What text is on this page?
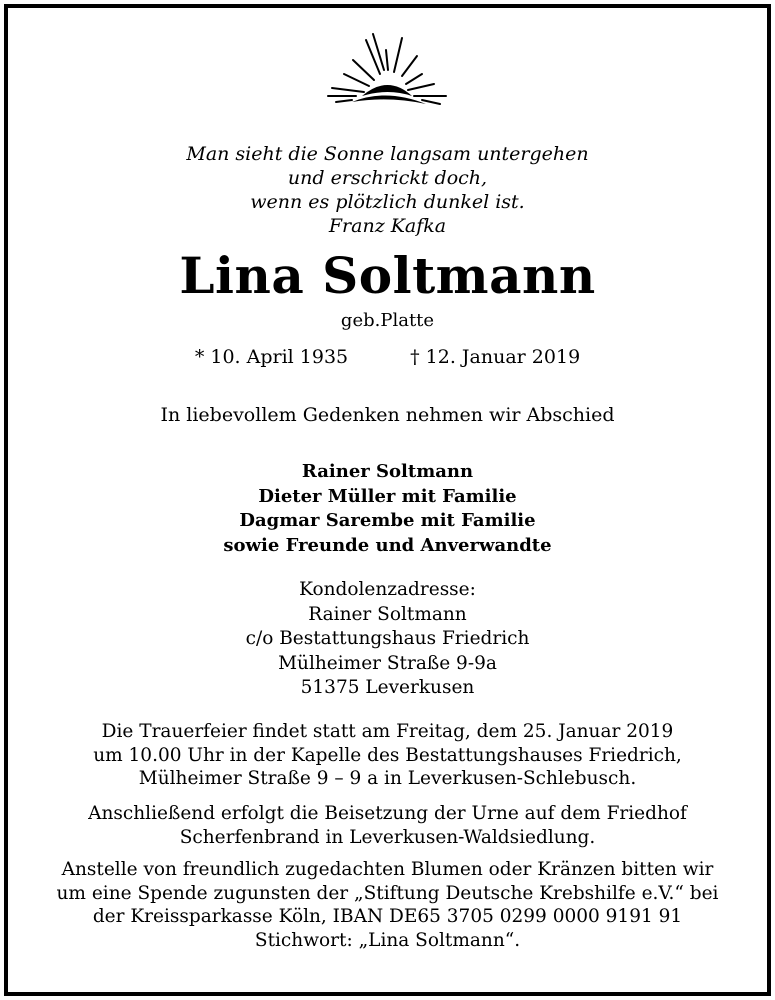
Man sieht die Sonne langsam untergehen
und erschrickt doch,
wenn es plötzlich dunkel ist.
Franz Kafka
Lina Soltmann
geb.Platte
* 10. April 1935	† 12. Januar 2019
In liebevollem Gedenken nehmen wir Abschied
Rainer Soltmann
Dieter Müller mit Familie
Dagmar Sarembe mit Familie
sowie Freunde und Anverwandte
Kondolenzadresse:
Rainer Soltmann
c/o Bestattungshaus Friedrich
Mülheimer Straße 9-9a
51375 Leverkusen
Die Trauerfeier findet statt am Freitag, dem 25. Januar 2019
um 10.00 Uhr in der Kapelle des Bestattungshauses Friedrich,
Mülheimer Straße 9 – 9 a in Leverkusen-Schlebusch.
Anschließend erfolgt die Beisetzung der Urne auf dem Friedhof
Scherfenbrand in Leverkusen-Waldsiedlung.
Anstelle von freundlich zugedachten Blumen oder Kränzen bitten wir
um eine Spende zugunsten der „Stiftung Deutsche Krebshilfe e.V.“ bei
der Kreissparkasse Köln, IBAN DE65 3705 0299 0000 9191 91
Stichwort: „Lina Soltmann“.
